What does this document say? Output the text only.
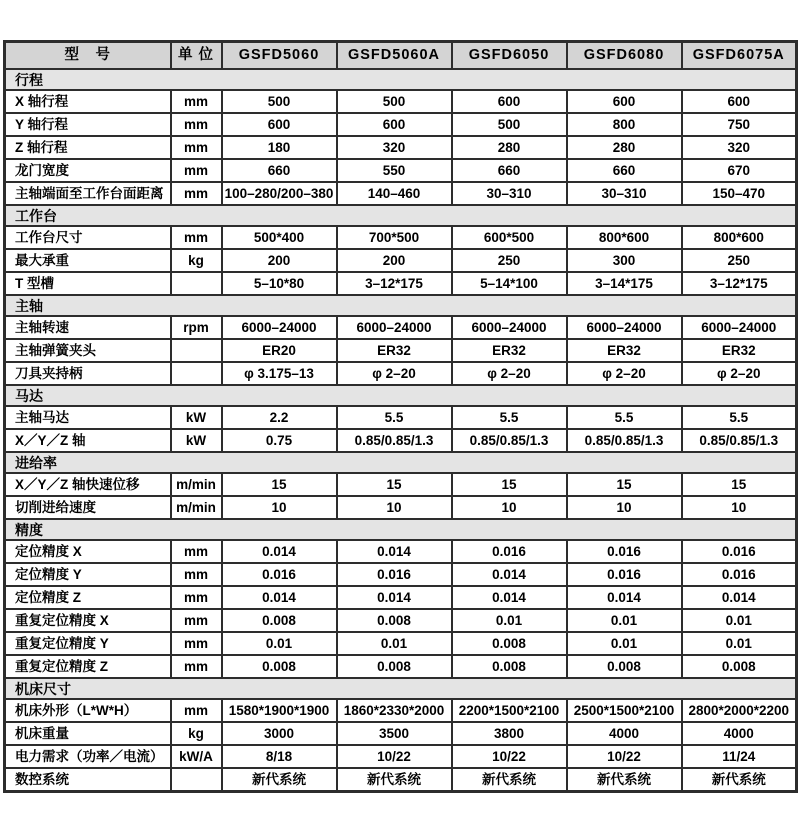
型　号	单 位	GSFD5060	GSFD5060A	GSFD6050	GSFD6080	GSFD6075A
行程						
X 轴行程	mm	500	500	600	600	600
Y 轴行程	mm	600	600	500	800	750
Z 轴行程	mm	180	320	280	280	320
龙门宽度	mm	660	550	660	660	670
主轴端面至工作台面距离	mm	100–280/200–380	140–460	30–310	30–310	150–470
工作台						
工作台尺寸	mm	500*400	700*500	600*500	800*600	800*600
最大承重	kg	200	200	250	300	250
T 型槽		5–10*80	3–12*175	5–14*100	3–14*175	3–12*175
主轴						
主轴转速	rpm	6000–24000	6000–24000	6000–24000	6000–24000	6000–24000
主轴弹簧夹头		ER20	ER32	ER32	ER32	ER32
刀具夹持柄		φ 3.175–13	φ 2–20	φ 2–20	φ 2–20	φ 2–20
马达						
主轴马达	kW	2.2	5.5	5.5	5.5	5.5
X／Y／Z 轴	kW	0.75	0.85/0.85/1.3	0.85/0.85/1.3	0.85/0.85/1.3	0.85/0.85/1.3
进给率						
X／Y／Z 轴快速位移	m/min	15	15	15	15	15
切削进给速度	m/min	10	10	10	10	10
精度						
定位精度 X	mm	0.014	0.014	0.016	0.016	0.016
定位精度 Y	mm	0.016	0.016	0.014	0.016	0.016
定位精度 Z	mm	0.014	0.014	0.014	0.014	0.014
重复定位精度 X	mm	0.008	0.008	0.01	0.01	0.01
重复定位精度 Y	mm	0.01	0.01	0.008	0.01	0.01
重复定位精度 Z	mm	0.008	0.008	0.008	0.008	0.008
机床尺寸						
机床外形（L*W*H）	mm	1580*1900*1900	1860*2330*2000	2200*1500*2100	2500*1500*2100	2800*2000*2200
机床重量	kg	3000	3500	3800	4000	4000
电力需求（功率／电流）	kW/A	8/18	10/22	10/22	10/22	11/24
数控系统		新代系统	新代系统	新代系统	新代系统	新代系统
